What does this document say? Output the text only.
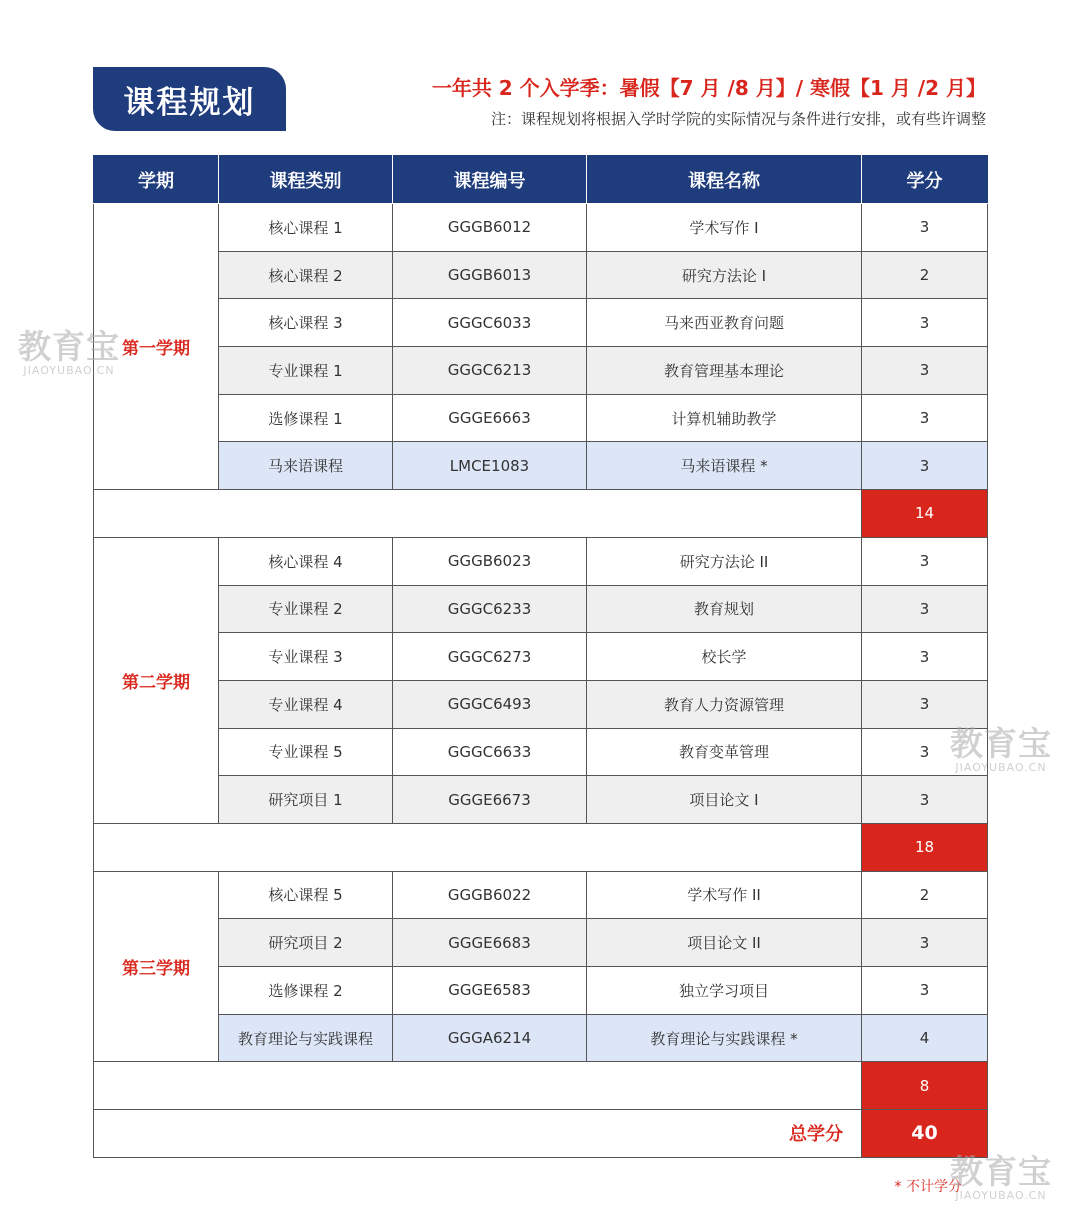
课程规划	一年共 2 个入学季：暑假【7 月 /8 月】/ 寒假【1 月 /2 月】
注：课程规划将根据入学时学院的实际情况与条件进行安排，或有些许调整
学期	课程类别	课程编号	课程名称	学分
第一学期	核心课程 1	GGGB6012	学术写作 I	3
	核心课程 2	GGGB6013	研究方法论 I	2
	核心课程 3	GGGC6033	马来西亚教育问题	3
	专业课程 1	GGGC6213	教育管理基本理论	3
	选修课程 1	GGGE6663	计算机辅助教学	3
	马来语课程	LMCE1083	马来语课程 *	3
				14
第二学期	核心课程 4	GGGB6023	研究方法论 II	3
	专业课程 2	GGGC6233	教育规划	3
	专业课程 3	GGGC6273	校长学	3
	专业课程 4	GGGC6493	教育人力资源管理	3
	专业课程 5	GGGC6633	教育变革管理	3
	研究项目 1	GGGE6673	项目论文 I	3
				18
第三学期	核心课程 5	GGGB6022	学术写作 II	2
	研究项目 2	GGGE6683	项目论文 II	3
	选修课程 2	GGGE6583	独立学习项目	3
	教育理论与实践课程	GGGA6214	教育理论与实践课程 *	4
				8
总学分				40
* 不计学分
教育宝
JIAOYUBAO.CN
教育宝
JIAOYUBAO.CN
教育宝
JIAOYUBAO.CN
